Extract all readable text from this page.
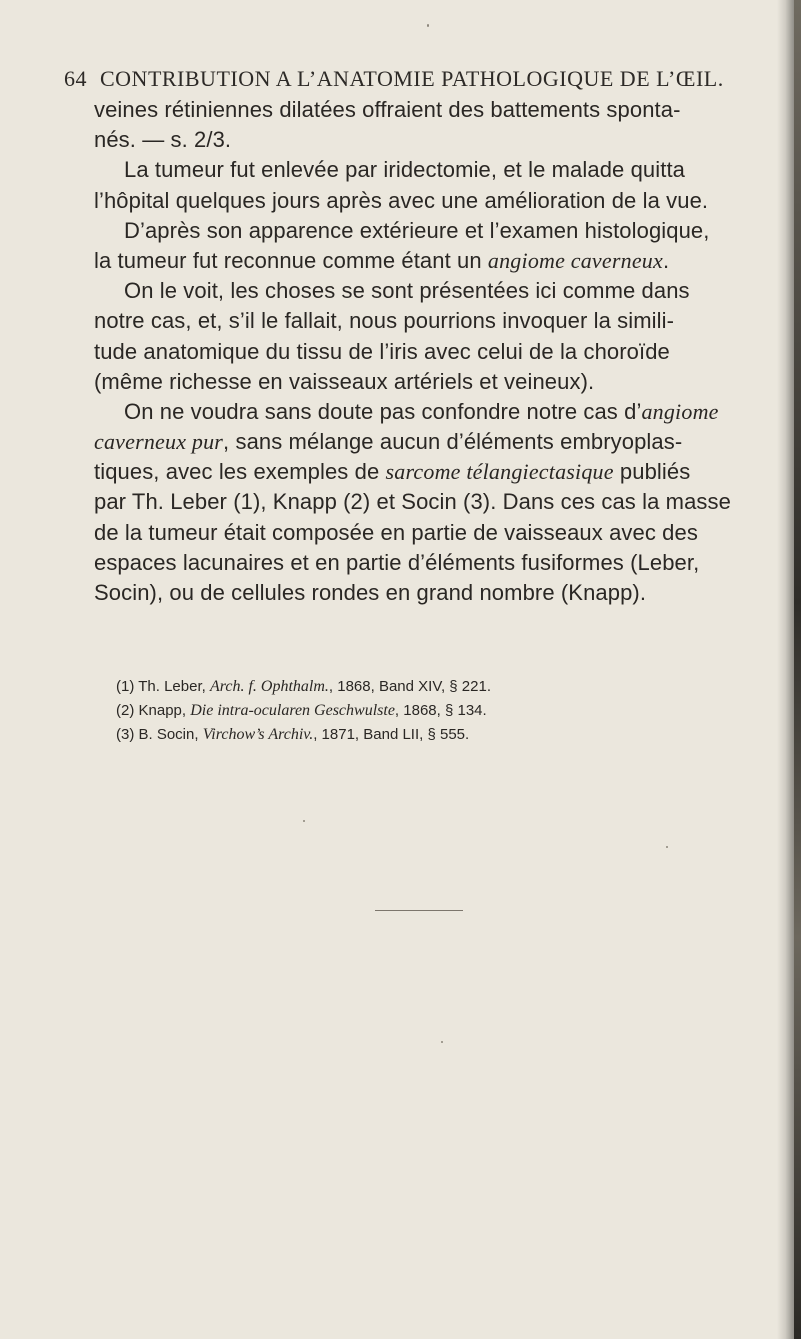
64 CONTRIBUTION A L’ANATOMIE PATHOLOGIQUE DE L’ŒIL.
veines rétiniennes dilatées offraient des battements sponta-
nés. — s. 2/3.
La tumeur fut enlevée par iridectomie, et le malade quitta
l’hôpital quelques jours après avec une amélioration de la vue.
D’après son apparence extérieure et l’examen histologique,
la tumeur fut reconnue comme étant un angiome caverneux.
On le voit, les choses se sont présentées ici comme dans
notre cas, et, s’il le fallait, nous pourrions invoquer la simili-
tude anatomique du tissu de l’iris avec celui de la choroïde
(même richesse en vaisseaux artériels et veineux).
On ne voudra sans doute pas confondre notre cas d’angiome
caverneux pur, sans mélange aucun d’éléments embryoplas-
tiques, avec les exemples de sarcome télangiectasique publiés
par Th. Leber (1), Knapp (2) et Socin (3). Dans ces cas la masse
de la tumeur était composée en partie de vaisseaux avec des
espaces lacunaires et en partie d’éléments fusiformes (Leber,
Socin), ou de cellules rondes en grand nombre (Knapp).
(1) Th. Leber, Arch. f. Ophthalm., 1868, Band XIV, § 221.
(2) Knapp, Die intra-ocularen Geschwulste, 1868, § 134.
(3) B. Socin, Virchow’s Archiv., 1871, Band LII, § 555.
